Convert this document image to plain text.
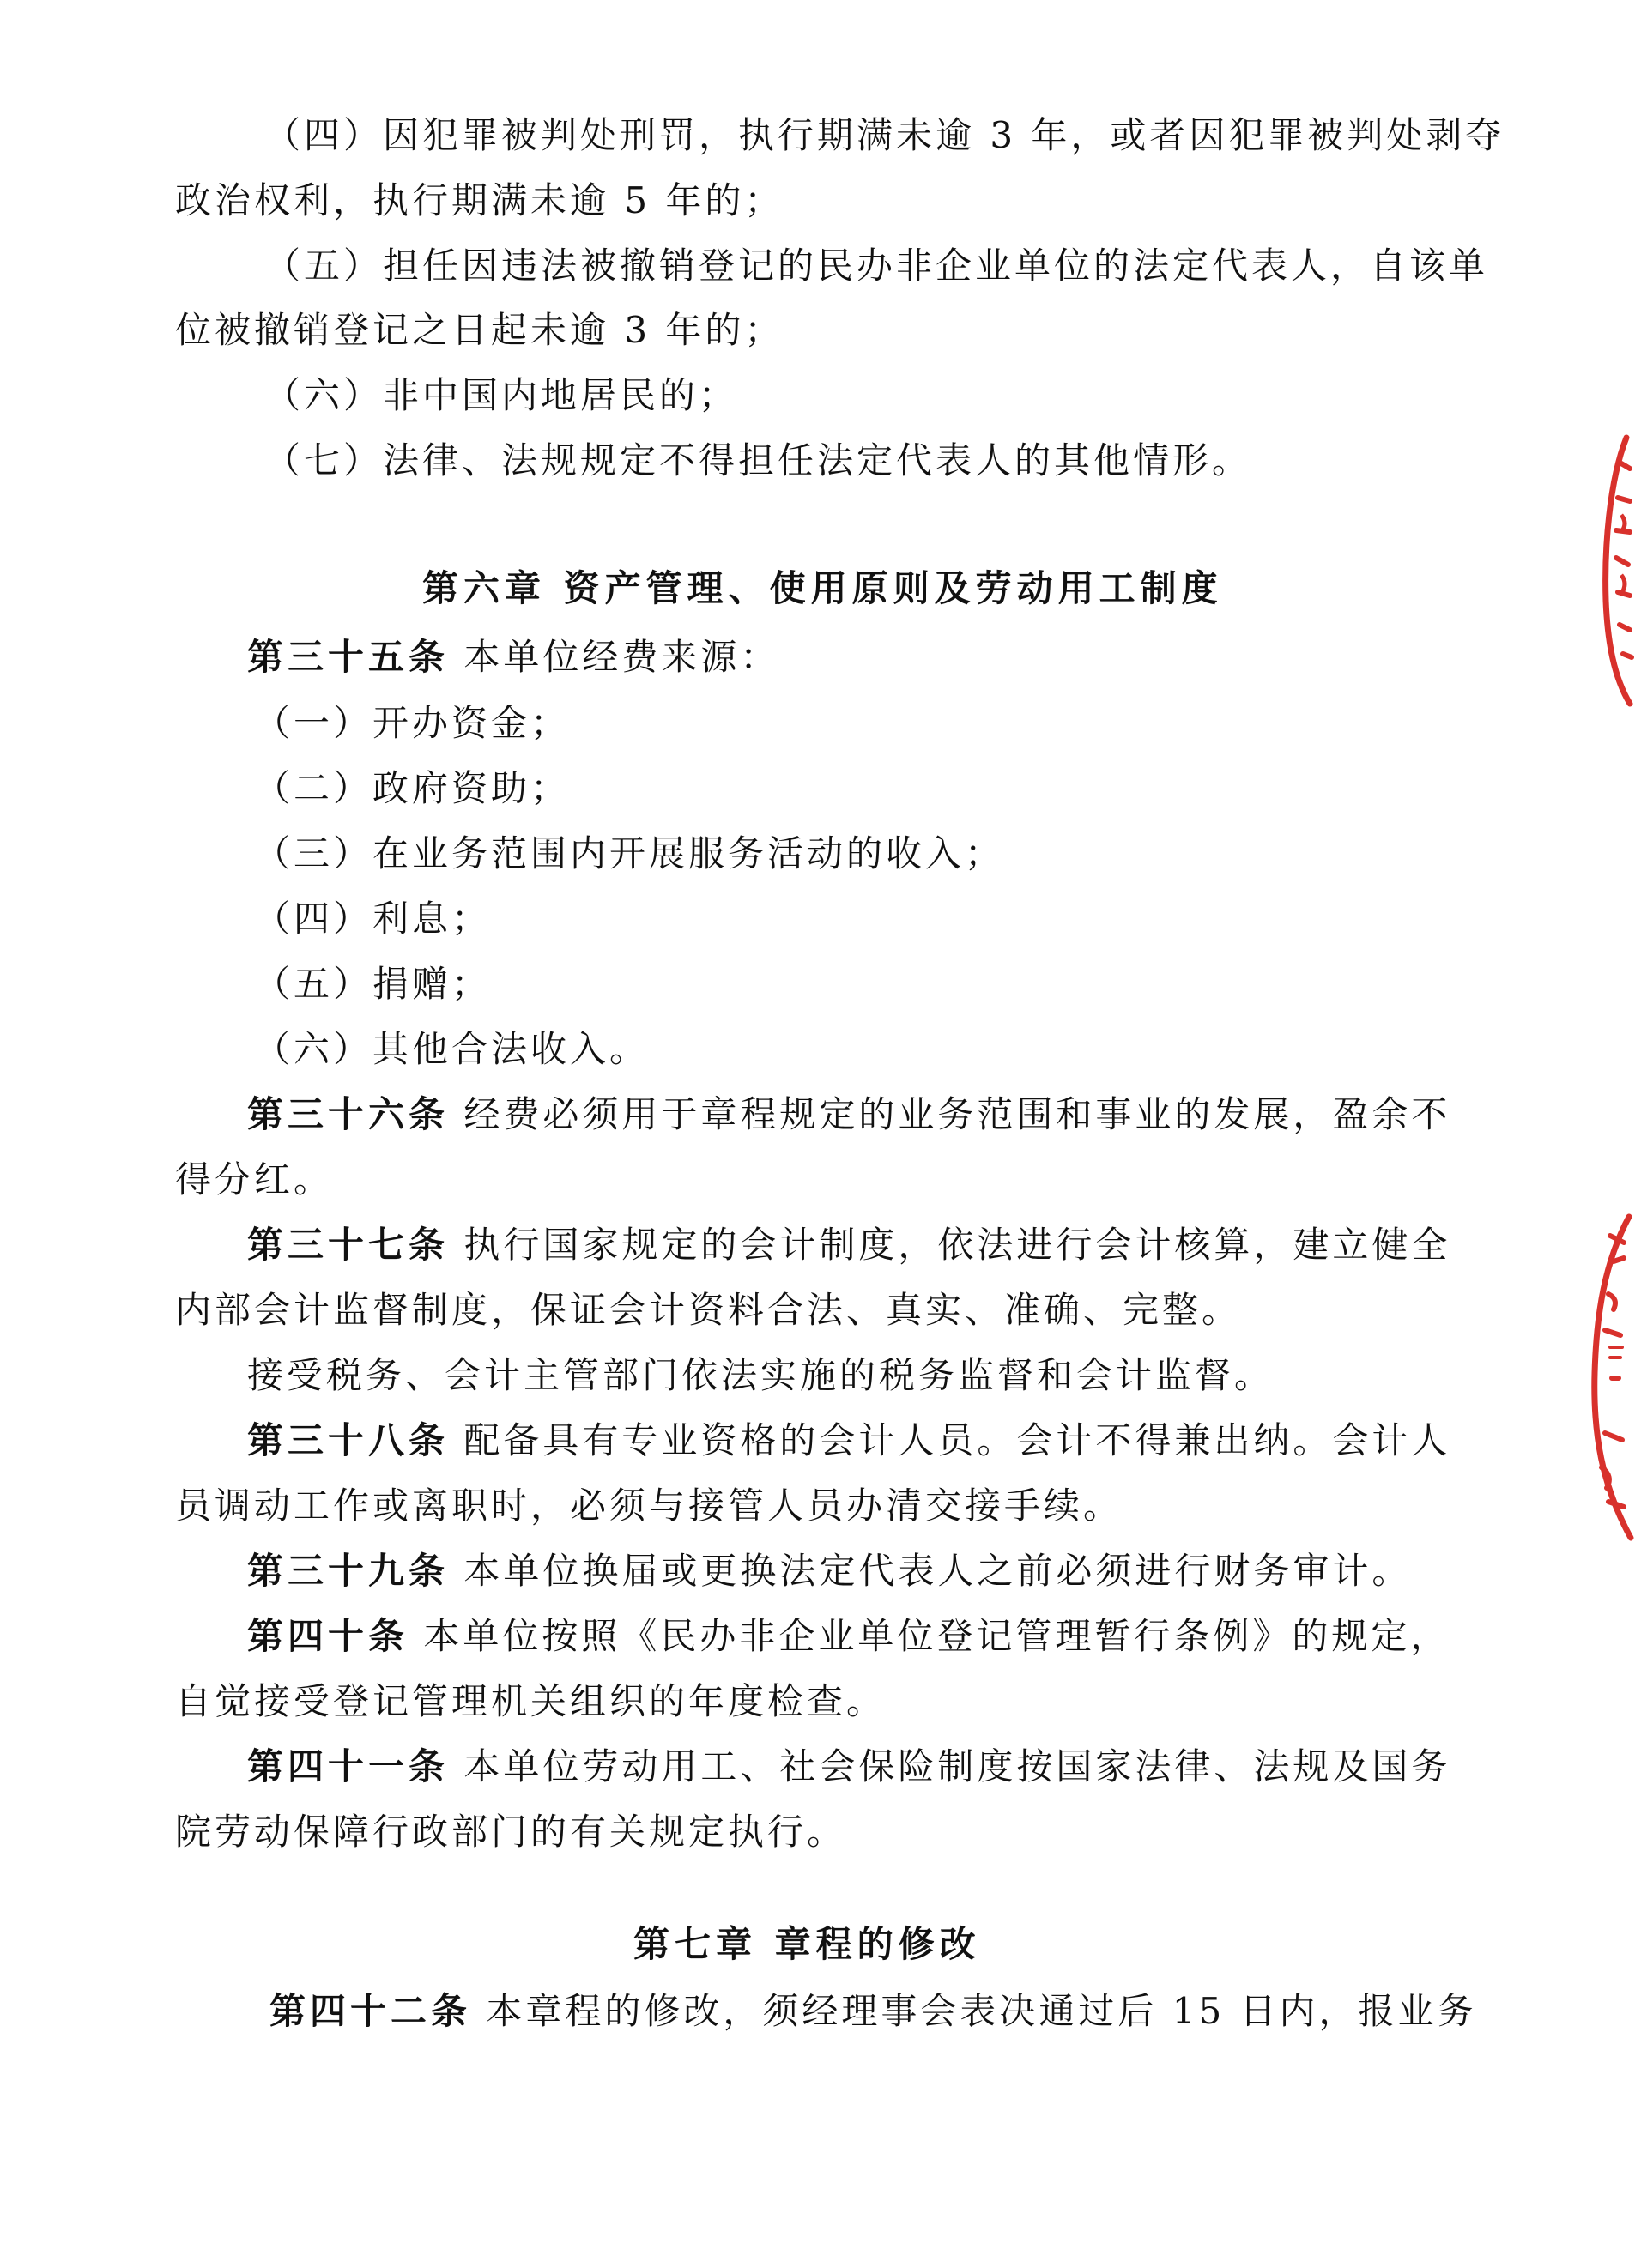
（四）因犯罪被判处刑罚，执行期满未逾 3 年，或者因犯罪被判处剥夺
政治权利，执行期满未逾 5 年的；
（五）担任因违法被撤销登记的民办非企业单位的法定代表人，自该单
位被撤销登记之日起未逾 3 年的；
（六）非中国内地居民的；
（七）法律、法规规定不得担任法定代表人的其他情形。
第六章 资产管理、使用原则及劳动用工制度
第三十五条 本单位经费来源：
（一）开办资金；
（二）政府资助；
（三）在业务范围内开展服务活动的收入；
（四）利息；
（五）捐赠；
（六）其他合法收入。
第三十六条 经费必须用于章程规定的业务范围和事业的发展，盈余不
得分红。
第三十七条 执行国家规定的会计制度，依法进行会计核算，建立健全
内部会计监督制度，保证会计资料合法、真实、准确、完整。
接受税务、会计主管部门依法实施的税务监督和会计监督。
第三十八条 配备具有专业资格的会计人员。会计不得兼出纳。会计人
员调动工作或离职时，必须与接管人员办清交接手续。
第三十九条 本单位换届或更换法定代表人之前必须进行财务审计。
第四十条 本单位按照《民办非企业单位登记管理暂行条例》的规定，
自觉接受登记管理机关组织的年度检查。
第四十一条 本单位劳动用工、社会保险制度按国家法律、法规及国务
院劳动保障行政部门的有关规定执行。
第七章 章程的修改
第四十二条 本章程的修改，须经理事会表决通过后 15 日内，报业务
